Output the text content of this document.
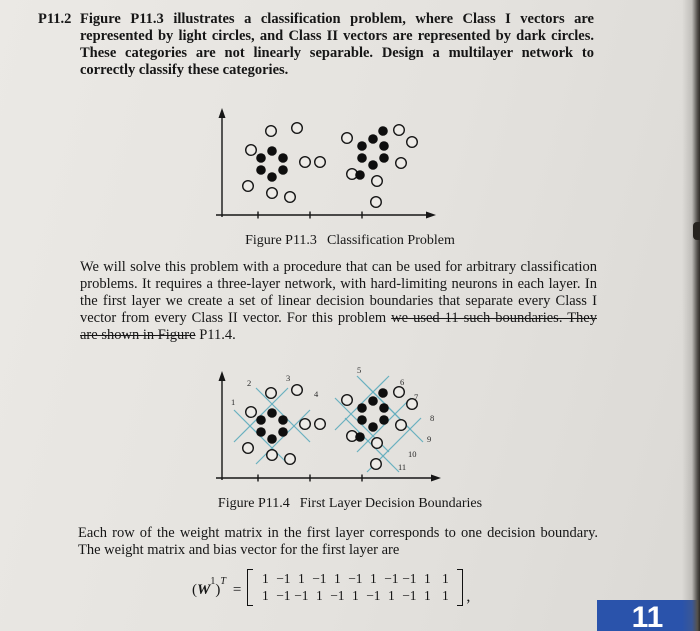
1
2	3
4
5
6
7
8
9
10
11
P11.2 Figure P11.3 illustrates a classification problem, where Class I vectors are represented by light circles, and Class II vectors are represented by dark circles. These categories are not linearly separable. Design a multilayer network to correctly classify these categories.
Figure P11.3 Classification Problem
We will solve this problem with a procedure that can be used for arbitrary classification problems. It requires a three-layer network, with hard-limiting neurons in each layer. In the first layer we create a set of linear decision boundaries that separate every Class I vector from every Class II vector. For this problem we used 11 such boundaries. They are shown in Figure P11.4.
Figure P11.4 First Layer Decision Boundaries
Each row of the weight matrix in the first layer corresponds to one decision boundary. The weight matrix and bias vector for the first layer are
( W
$^1$
)
$^T$
=
1 −1 1 −1 1 −1 1 −1 −1 1 1
1 −1 −1 1 −1 1 −1 1 −1 1 1	,
11
